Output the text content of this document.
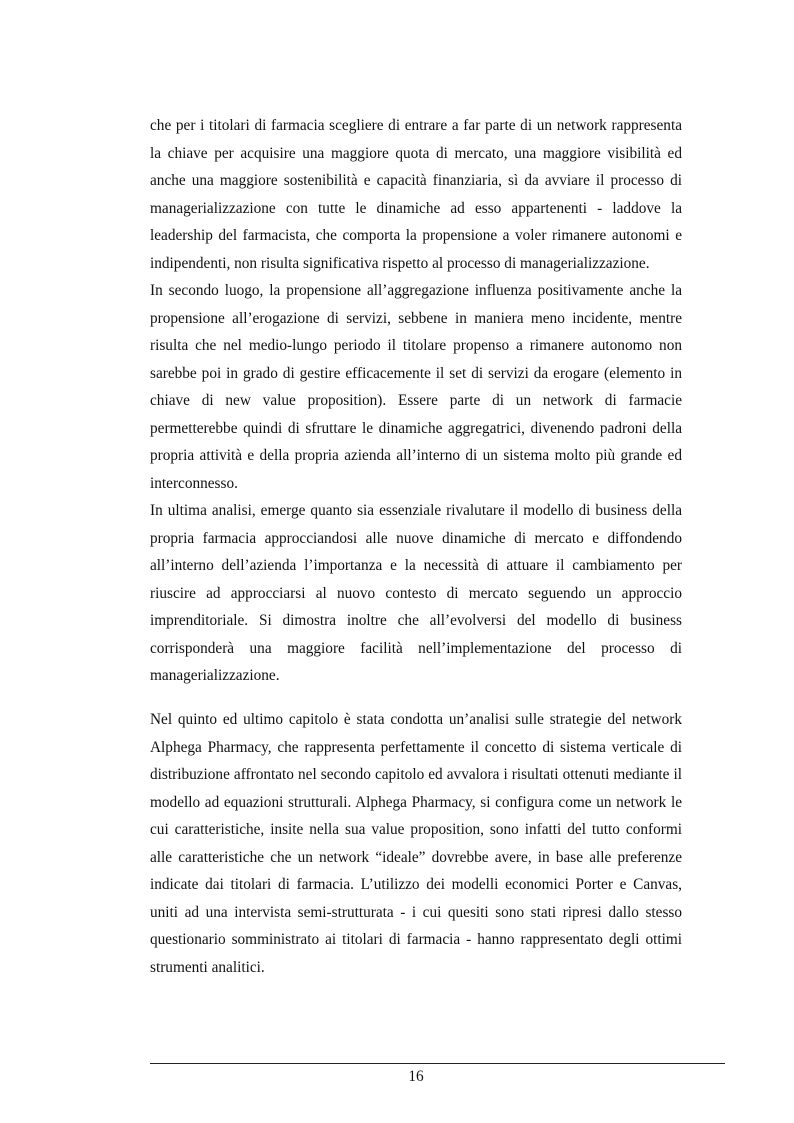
che per i titolari di farmacia scegliere di entrare a far parte di un network rappresenta la chiave per acquisire una maggiore quota di mercato, una maggiore visibilità ed anche una maggiore sostenibilità e capacità finanziaria, sì da avviare il processo di managerializzazione con tutte le dinamiche ad esso appartenenti - laddove la leadership del farmacista, che comporta la propensione a voler rimanere autonomi e indipendenti, non risulta significativa rispetto al processo di managerializzazione.

In secondo luogo, la propensione all’aggregazione influenza positivamente anche la propensione all’erogazione di servizi, sebbene in maniera meno incidente, mentre risulta che nel medio-lungo periodo il titolare propenso a rimanere autonomo non sarebbe poi in grado di gestire efficacemente il set di servizi da erogare (elemento in chiave di new value proposition). Essere parte di un network di farmacie permetterebbe quindi di sfruttare le dinamiche aggregatrici, divenendo padroni della propria attività e della propria azienda all’interno di un sistema molto più grande ed interconnesso.

In ultima analisi, emerge quanto sia essenziale rivalutare il modello di business della propria farmacia approcciandosi alle nuove dinamiche di mercato e diffondendo all’interno dell’azienda l’importanza e la necessità di attuare il cambiamento per riuscire ad approcciarsi al nuovo contesto di mercato seguendo un approccio imprenditoriale. Si dimostra inoltre che all’evolversi del modello di business corrisponderà una maggiore facilità nell’implementazione del processo di managerializzazione.

Nel quinto ed ultimo capitolo è stata condotta un’analisi sulle strategie del network Alphega Pharmacy, che rappresenta perfettamente il concetto di sistema verticale di distribuzione affrontato nel secondo capitolo ed avvalora i risultati ottenuti mediante il modello ad equazioni strutturali. Alphega Pharmacy, si configura come un network le cui caratteristiche, insite nella sua value proposition, sono infatti del tutto conformi alle caratteristiche che un network “ideale” dovrebbe avere, in base alle preferenze indicate dai titolari di farmacia. L’utilizzo dei modelli economici Porter e Canvas, uniti ad una intervista semi-strutturata - i cui quesiti sono stati ripresi dallo stesso questionario somministrato ai titolari di farmacia - hanno rappresentato degli ottimi strumenti analitici.

16
